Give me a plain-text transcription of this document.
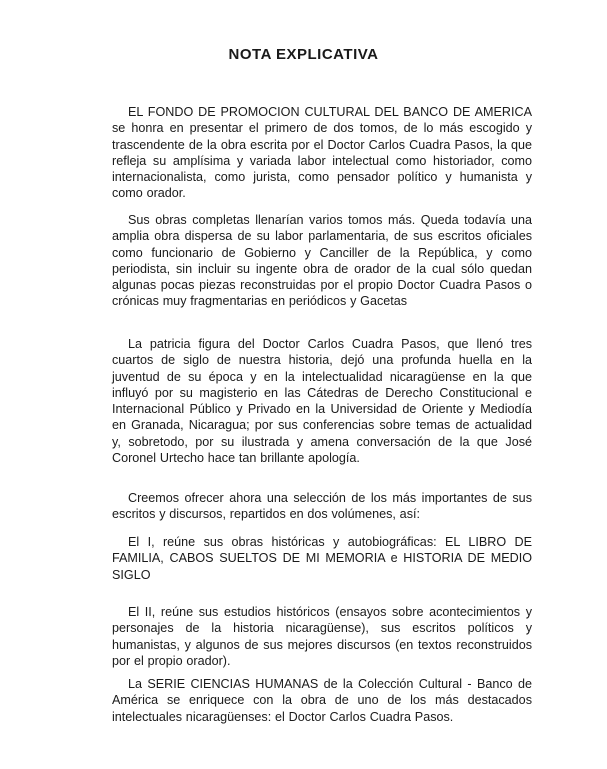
NOTA EXPLICATIVA

EL FONDO DE PROMOCION CULTURAL DEL BANCO DE AMERICA se honra en presentar el primero de dos tomos, de lo más escogido y trascendente de la obra escrita por el Doctor Carlos Cuadra Pasos, la que refleja su amplísima y variada labor intelectual como historiador, como internacionalista, como jurista, como pensador político y humanista y como orador.

Sus obras completas llenarían varios tomos más. Queda todavía una amplia obra dispersa de su labor parlamentaria, de sus escritos oficiales como funcionario de Gobierno y Canciller de la República, y como periodista, sin incluir su ingente obra de orador de la cual sólo quedan algunas pocas piezas reconstruidas por el propio Doctor Cuadra Pasos o crónicas muy fragmentarias en periódicos y Gacetas

La patricia figura del Doctor Carlos Cuadra Pasos, que llenó tres cuartos de siglo de nuestra historia, dejó una profunda huella en la juventud de su época y en la intelectualidad nicaragüense en la que influyó por su magisterio en las Cátedras de Derecho Constitucional e Internacional Público y Privado en la Universidad de Oriente y Mediodía en Granada, Nicaragua; por sus conferencias sobre temas de actualidad y, sobretodo, por su ilustrada y amena conversación de la que José Coronel Urtecho hace tan brillante apología.

Creemos ofrecer ahora una selección de los más importantes de sus escritos y discursos, repartidos en dos volúmenes, así:

El I, reúne sus obras históricas y autobiográficas: EL LIBRO DE FAMILIA, CABOS SUELTOS DE MI MEMORIA e HISTORIA DE MEDIO SIGLO

El II, reúne sus estudios históricos (ensayos sobre acontecimientos y personajes de la historia nicaragüense), sus escritos políticos y humanistas, y algunos de sus mejores discursos (en textos reconstruidos por el propio orador).

La SERIE CIENCIAS HUMANAS de la Colección Cultural - Banco de América se enriquece con la obra de uno de los más destacados intelectuales nicaragüenses: el Doctor Carlos Cuadra Pasos.
